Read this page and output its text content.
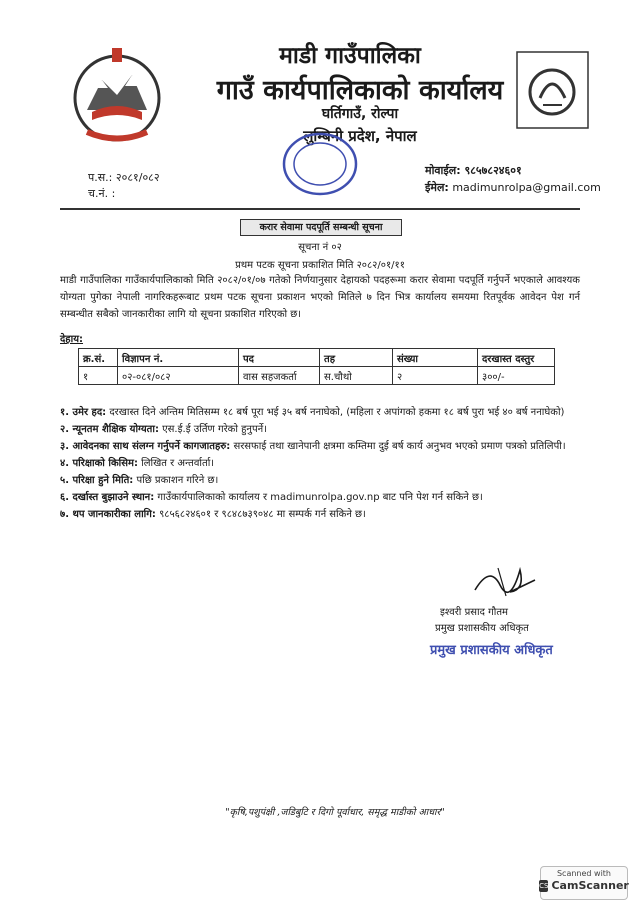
माडी गाउँपालिका
गाउँ कार्यपालिकाको कार्यालय
घर्तिगाउँ, रोल्पा
लुम्बिनी प्रदेश, नेपाल
प.स.: २०८१/०८२
च.नं. :
मोवाईल: ९८५७८२४६०१
ईमेल: madimunrolpa@gmail.com
करार सेवामा पदपूर्ति सम्बन्धी सूचना
सूचना नं ०२
प्रथम पटक सूचना प्रकाशित मिति २०८२/०१/११
माडी गाउँपालिका गाउँकार्यपालिकाको मिति २०८२/०१/०७ गतेको निर्णयानुसार देहायको पदहरूमा करार सेवामा पदपूर्ति गर्नुपर्ने भएकाले आवश्यक योग्यता पुगेका नेपाली नागरिकहरूबाट प्रथम पटक सूचना प्रकाशन भएको मितिले ७ दिन भित्र कार्यालय समयमा रितपूर्वक आवेदन पेश गर्न सम्बन्धीत सबैको जानकारीका लागि यो सूचना प्रकाशित गरिएको छ।
देहाय:
क्र.सं.	विज्ञापन नं.	पद	तह	संख्या	दरखास्त दस्तुर
१	०२-०८१/०८२	वास सहजकर्ता	स.चौथो	२	३००/-

१. उमेर हद: दरखास्त दिने अन्तिम मितिसम्म १८ बर्ष पूरा भई ३५ बर्ष ननाघेको, (महिला र अपांगको हकमा १८ बर्ष पुरा भई ४० बर्ष ननाघेको)

२. न्यूनतम शैक्षिक योग्यता: एस.ई.ई उर्तिण गरेको हुनुपर्ने।

३. आवेदनका साथ संलग्न गर्नुपर्ने कागजातहरु: सरसफाई तथा खानेपानी क्षत्रमा कम्तिमा दुई बर्ष कार्य अनुभव भएको प्रमाण पत्रको प्रतिलिपी।

४. परिक्षाको किसिम: लिखित र अन्तर्वार्ता।

५. परिक्षा हुने मिति: पछि प्रकाशन गरिने छ।

६. दर्खास्त बुझाउने स्थान: गाउँकार्यपालिकाको कार्यालय र madimunrolpa.gov.np बाट पनि पेश गर्न सकिने छ।

७. थप जानकारीका लागि: ९८५६८२४६०१ र ९८४८७३९०४८ मा सम्पर्क गर्न सकिने छ।

इश्वरी प्रसाद गौतम
प्रमुख प्रशासकीय अधिकृत
प्रमुख प्रशासकीय अधिकृत
"कृषि,पशुपंक्षी ,जडिबुटि र दिगो पूर्वाधार, समृद्ध माडीको आधार"
Scanned with
CS CamScanner
